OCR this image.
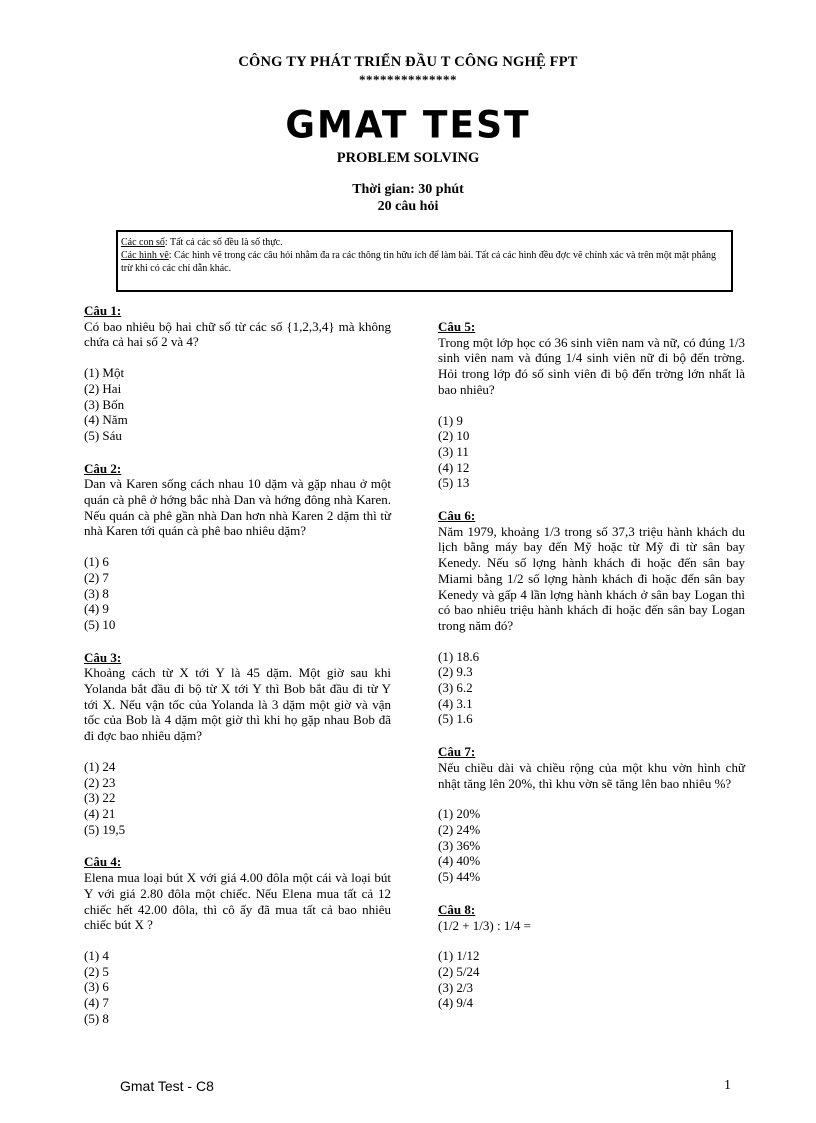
CÔNG TY PHÁT TRIỂN ĐẦU T CÔNG NGHỆ FPT
**************
GMAT TEST
PROBLEM SOLVING
Thời gian: 30 phút
20 câu hỏi
Các con số: Tất cả các số đều là số thực.
Các hình vẽ: Các hình vẽ trong các câu hỏi nhằm đa ra các thông tin hữu ích để làm bài. Tất cả các hình đều đợc vẽ chính xác và trên một mặt phẳng trừ khi có các chỉ dẫn khác.
Câu 1:
Có bao nhiêu bộ hai chữ số từ các số {1,2,3,4} mà không chứa cả hai số 2 và 4?
(1) Một
(2) Hai
(3) Bốn
(4) Năm
(5) Sáu
Câu 2:
Dan và Karen sống cách nhau 10 dặm và gặp nhau ở một quán cà phê ở hớng bắc nhà Dan và hớng đông nhà Karen. Nếu quán cà phê gần nhà Dan hơn nhà Karen 2 dặm thì từ nhà Karen tới quán cà phê bao nhiêu dặm?
(1) 6
(2) 7
(3) 8
(4) 9
(5) 10
Câu 3:
Khoảng cách từ X tới Y là 45 dặm. Một giờ sau khi Yolanda bắt đầu đi bộ từ X tới Y thì Bob bắt đầu đi từ Y tới X. Nếu vận tốc của Yolanda là 3 dặm một giờ và vận tốc của Bob là 4 dặm một giờ thì khi họ gặp nhau Bob đã đi đợc bao nhiêu dặm?
(1) 24
(2) 23
(3) 22
(4) 21
(5) 19,5
Câu 4:
Elena mua loại bút X với giá 4.00 đôla một cái và loại bút Y với giá 2.80 đôla một chiếc. Nếu Elena mua tất cả 12 chiếc hết 42.00 đôla, thì cô ấy đã mua tất cả bao nhiêu chiếc bút X ?
(1) 4
(2) 5
(3) 6
(4) 7
(5) 8
Câu 5:
Trong một lớp học có 36 sinh viên nam và nữ, có đúng 1/3 sinh viên nam và đúng 1/4 sinh viên nữ đi bộ đến trờng. Hỏi trong lớp đó số sinh viên đi bộ đến trờng lớn nhất là bao nhiêu?
(1) 9
(2) 10
(3) 11
(4) 12
(5) 13
Câu 6:
Năm 1979, khoảng 1/3 trong số 37,3 triệu hành khách du lịch bằng máy bay đến Mỹ hoặc từ Mỹ đi từ sân bay Kenedy. Nếu số lợng hành khách đi hoặc đến sân bay Miami bằng 1/2 số lợng hành khách đi hoặc đến sân bay Kenedy và gấp 4 lần lợng hành khách ở sân bay Logan thì có bao nhiêu triệu hành khách đi hoặc đến sân bay Logan trong năm đó?
(1) 18.6
(2) 9.3
(3) 6.2
(4) 3.1
(5) 1.6
Câu 7:
Nếu chiều dài và chiều rộng của một khu vờn hình chữ nhật tăng lên 20%, thì khu vờn sẽ tăng lên bao nhiêu %?
(1) 20%
(2) 24%
(3) 36%
(4) 40%
(5) 44%
Câu 8:
(1/2 + 1/3) : 1/4 =
(1) 1/12
(2) 5/24
(3) 2/3
(4) 9/4
Gmat Test - C8	1
